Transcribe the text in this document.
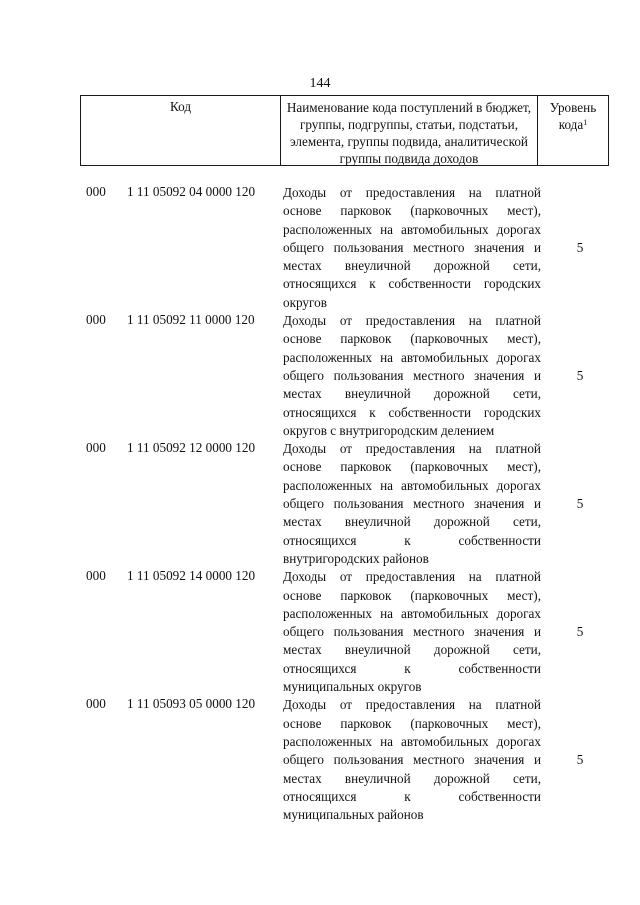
144
Код	Наименование кода поступлений в бюджет, группы, подгруппы, статьи, подстатьи, элемента, группы подвида, аналитической группы подвида доходов
Уровень кода$^1$
000 1 11 05092 04 0000 120 Доходы от предоставления на платной основе парковок (парковочных мест), расположенных на автомобильных дорогах общего пользования местного значения и местах внеуличной дорожной сети, относящихся к собственности городских округов
5
000 1 11 05092 11 0000 120 Доходы от предоставления на платной основе парковок (парковочных мест), расположенных на автомобильных дорогах общего пользования местного значения и местах внеуличной дорожной сети, относящихся к собственности городских округов с внутригородским делением
5
000 1 11 05092 12 0000 120 Доходы от предоставления на платной основе парковок (парковочных мест), расположенных на автомобильных дорогах общего пользования местного значения и местах внеуличной дорожной сети, относящихся к собственности внутригородских районов
5
000 1 11 05092 14 0000 120 Доходы от предоставления на платной основе парковок (парковочных мест), расположенных на автомобильных дорогах общего пользования местного значения и местах внеуличной дорожной сети, относящихся к собственности муниципальных округов
5
000 1 11 05093 05 0000 120 Доходы от предоставления на платной основе парковок (парковочных мест), расположенных на автомобильных дорогах общего пользования местного значения и местах внеуличной дорожной сети, относящихся к собственности муниципальных районов
5
